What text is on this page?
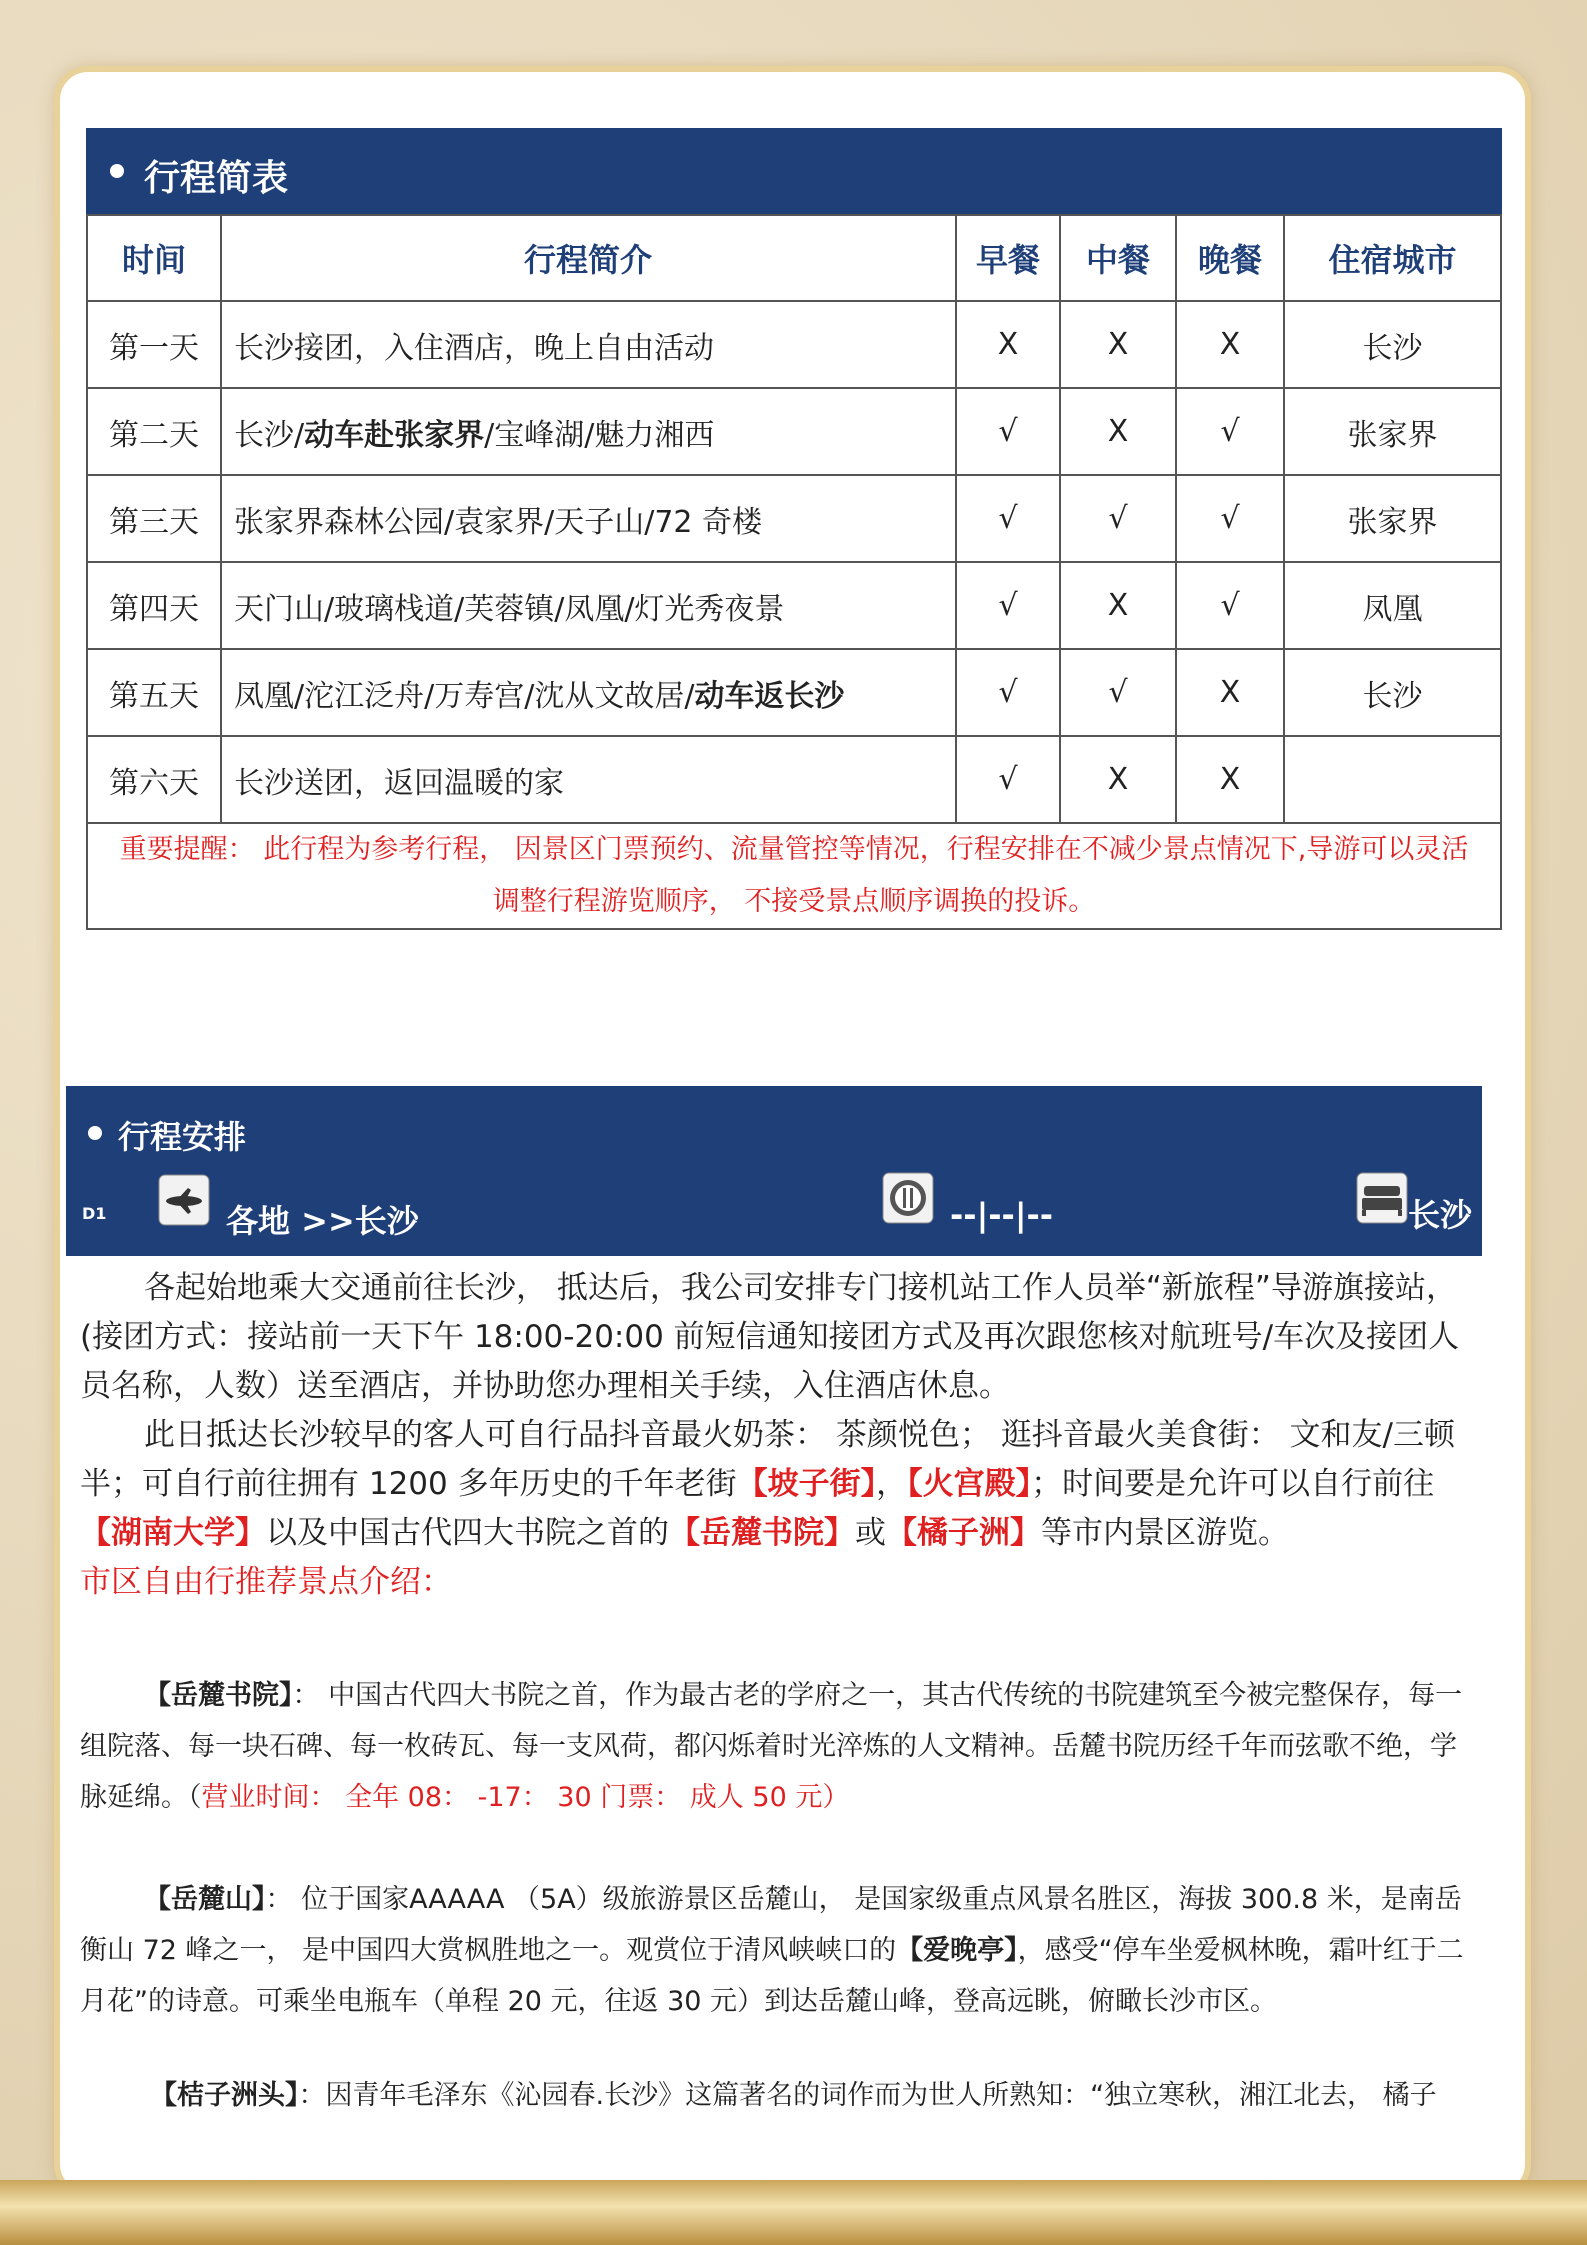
行程简表
时间	行程简介	早餐	中餐	晚餐	住宿城市
第一天	长沙接团，入住酒店，晚上自由活动	X	X	X	长沙
第二天	长沙/动车赴张家界/宝峰湖/魅力湘西	√	X	√	张家界
第三天	张家界森林公园/袁家界/天子山/72 奇楼	√	√	√	张家界
第四天	天门山/玻璃栈道/芙蓉镇/凤凰/灯光秀夜景	√	X	√	凤凰
第五天	凤凰/沱江泛舟/万寿宫/沈从文故居/动车返长沙	√	√	X	长沙
第六天	长沙送团，返回温暖的家	√	X	X	

重要提醒： 此行程为参考行程， 因景区门票预约、流量管控等情况，行程安排在不减少景点情况下,导游可以灵活
调整行程游览顺序， 不接受景点顺序调换的投诉。					
行程安排
D1	各地 >>长沙	--|--|--	长沙

各起始地乘大交通前往长沙， 抵达后，我公司安排专门接机站工作人员举“新旅程”导游旗接站，(接团方式：接站前一天下午 18:00-20:00 前短信通知接团方式及再次跟您核对航班号/车次及接团人员名称，人数）送至酒店，并协助您办理相关手续，入住酒店休息。

此日抵达长沙较早的客人可自行品抖音最火奶茶： 茶颜悦色； 逛抖音最火美食街： 文和友/三顿半；可自行前往拥有 1200 多年历史的千年老街【坡子街】，【火宫殿】；时间要是允许可以自行前往【湖南大学】以及中国古代四大书院之首的【岳麓书院】或【橘子洲】等市内景区游览。

市区自由行推荐景点介绍：

【岳麓书院】： 中国古代四大书院之首，作为最古老的学府之一，其古代传统的书院建筑至今被完整保存，每一组院落、每一块石碑、每一枚砖瓦、每一支风荷，都闪烁着时光淬炼的人文精神。岳麓书院历经千年而弦歌不绝，学脉延绵。（营业时间： 全年 08： -17： 30 门票： 成人 50 元）

【岳麓山】： 位于国家AAAAA （5A）级旅游景区岳麓山， 是国家级重点风景名胜区，海拔 300.8 米，是南岳衡山 72 峰之一， 是中国四大赏枫胜地之一。观赏位于清风峡峡口的【爱晚亭】，感受“停车坐爱枫林晚，霜叶红于二月花”的诗意。可乘坐电瓶车（单程 20 元，往返 30 元）到达岳麓山峰，登高远眺，俯瞰长沙市区。

【桔子洲头】：因青年毛泽东《沁园春.长沙》这篇著名的词作而为世人所熟知：“独立寒秋，湘江北去， 橘子
